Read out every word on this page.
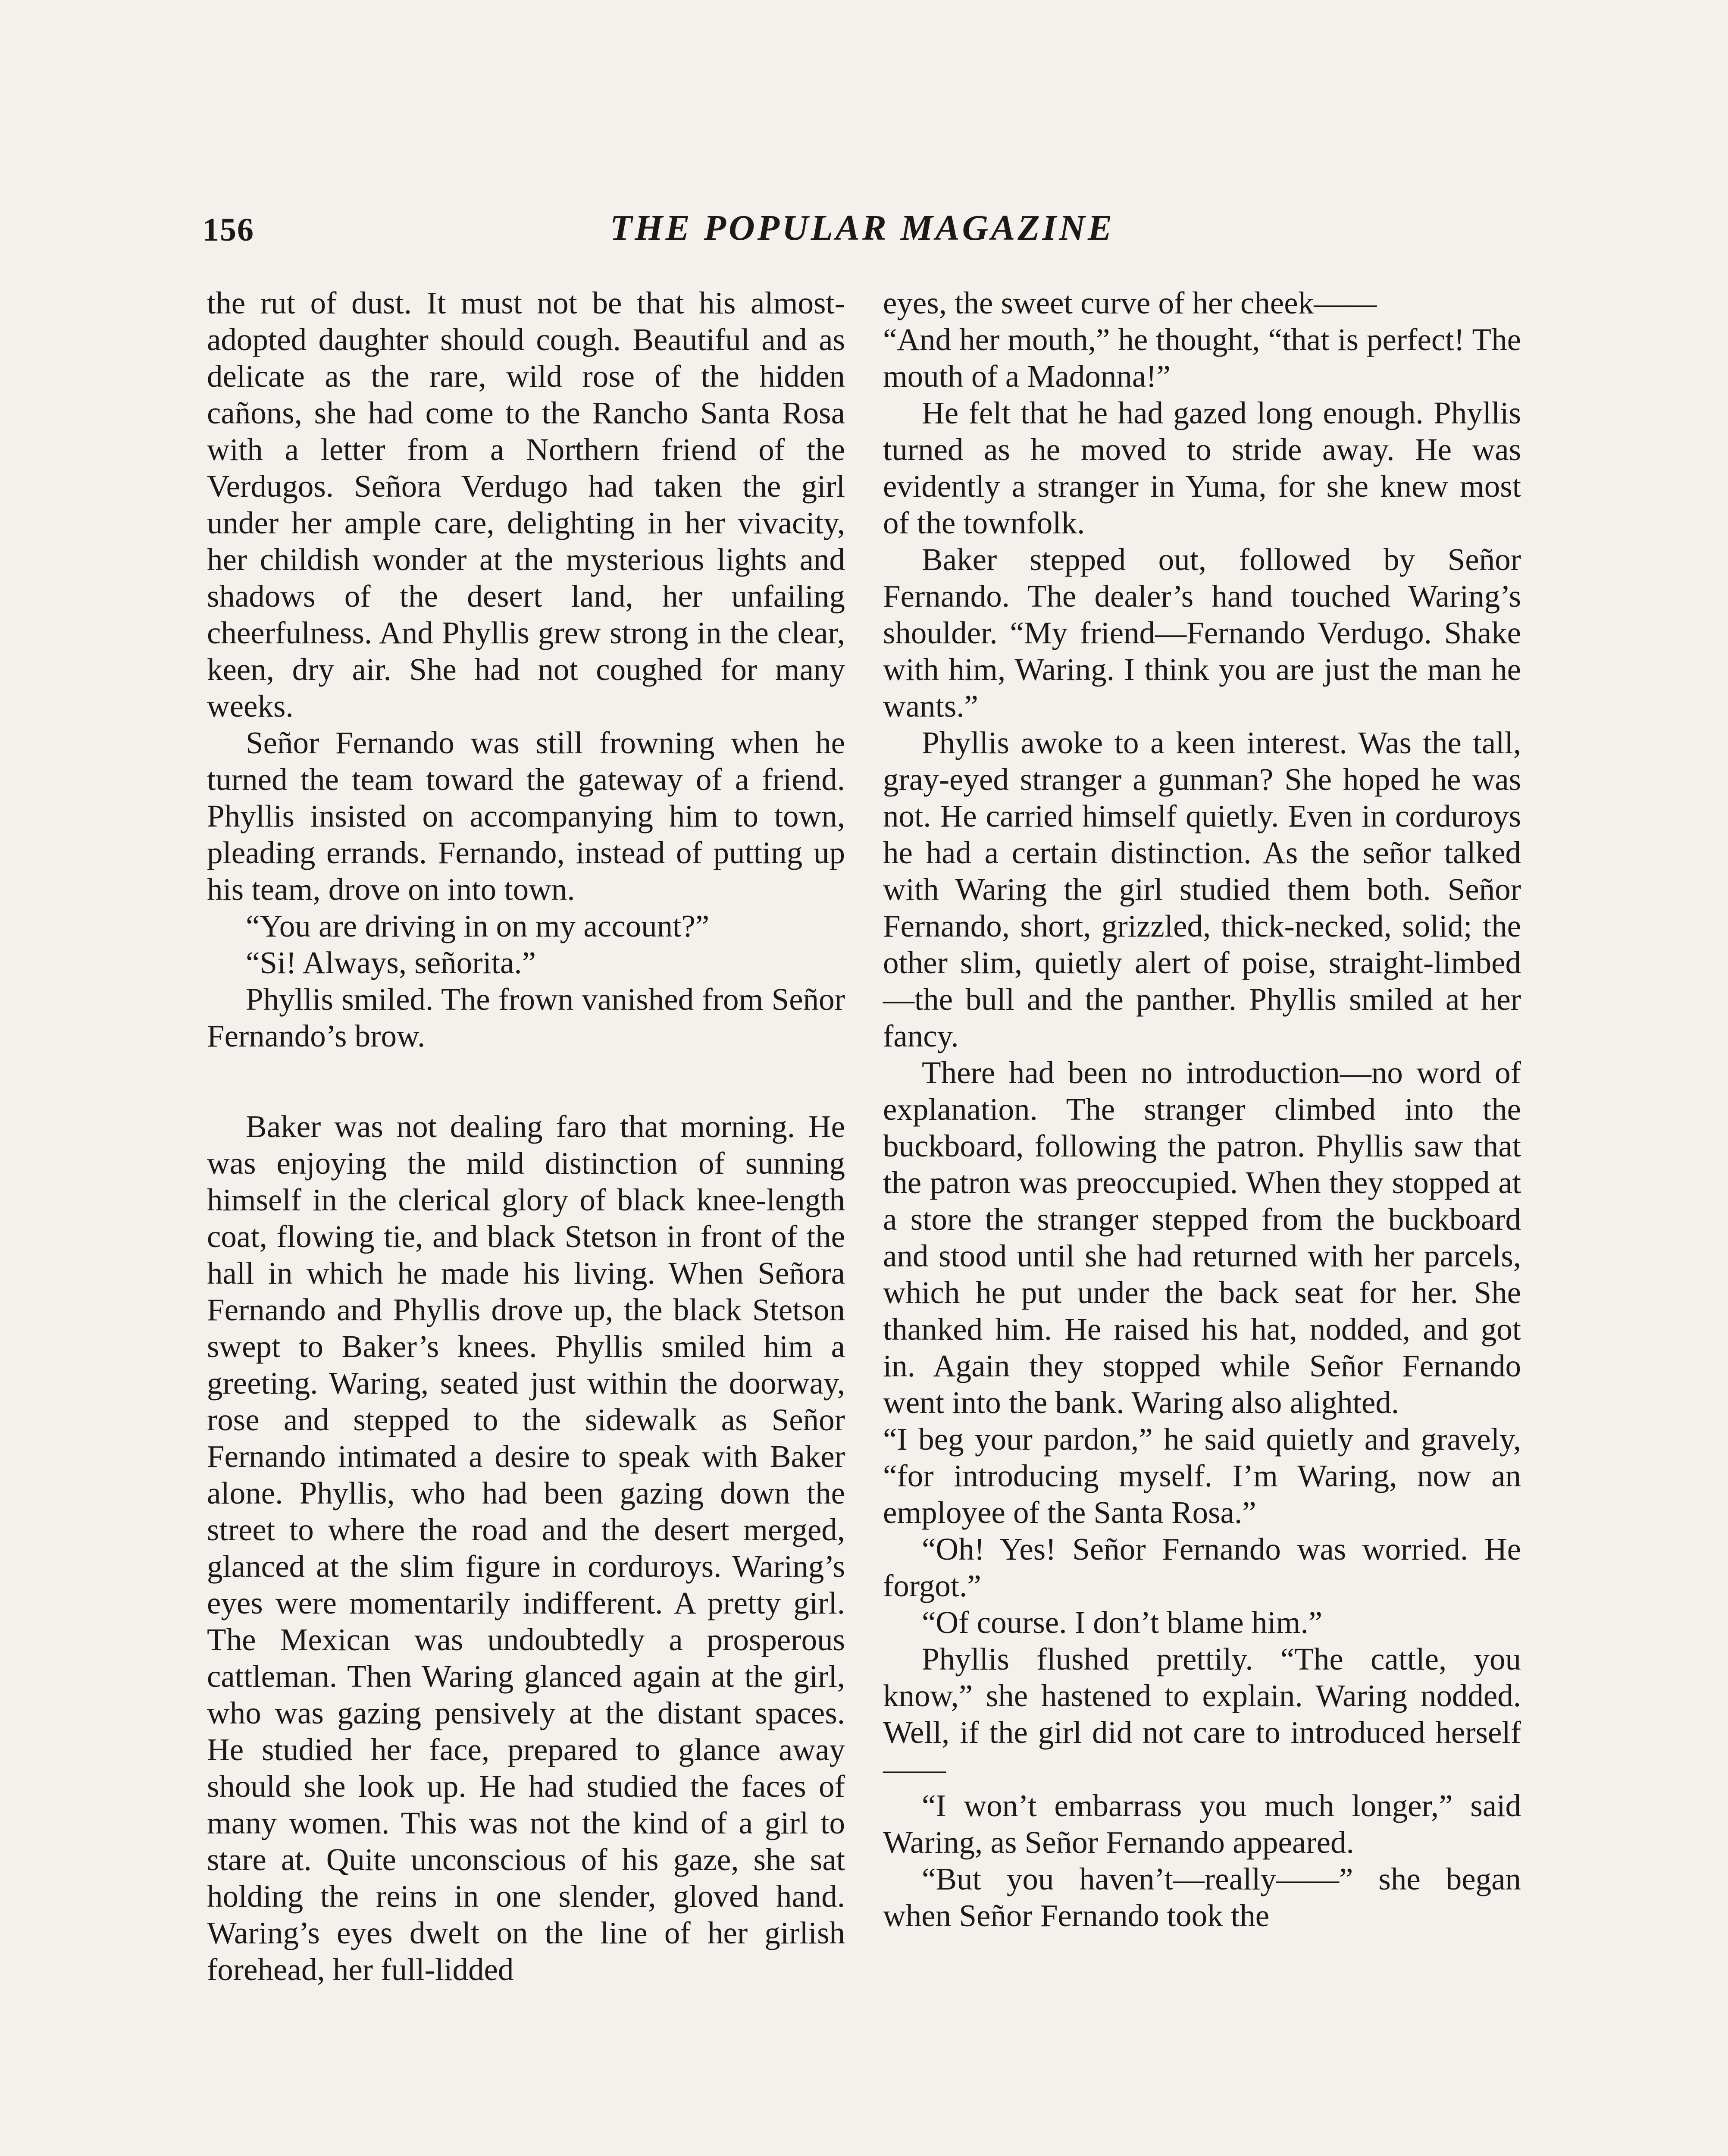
156	THE POPULAR MAGAZINE

the rut of dust. It must not be that his almost-adopted daughter should cough. Beautiful and as delicate as the rare, wild rose of the hidden cañons, she had come to the Rancho Santa Rosa with a letter from a Northern friend of the Verdugos. Señora Verdugo had taken the girl under her ample care, delighting in her vivacity, her childish wonder at the mysterious lights and shadows of the desert land, her unfailing cheerfulness. And Phyllis grew strong in the clear, keen, dry air. She had not coughed for many weeks.

Señor Fernando was still frowning when he turned the team toward the gateway of a friend. Phyllis insisted on accompanying him to town, pleading errands. Fernando, instead of putting up his team, drove on into town.

“You are driving in on my account?”

“Si! Always, señorita.”

Phyllis smiled. The frown vanished from Señor Fernando’s brow.

Baker was not dealing faro that morning. He was enjoying the mild distinction of sunning himself in the clerical glory of black knee-length coat, flowing tie, and black Stetson in front of the hall in which he made his living. When Señora Fernando and Phyllis drove up, the black Stetson swept to Baker’s knees. Phyllis smiled him a greeting. Waring, seated just within the doorway, rose and stepped to the sidewalk as Señor Fernando intimated a desire to speak with Baker alone. Phyllis, who had been gazing down the street to where the road and the desert merged, glanced at the slim figure in corduroys. Waring’s eyes were momentarily indifferent. A pretty girl. The Mexican was undoubtedly a prosperous cattleman. Then Waring glanced again at the girl, who was gazing pensively at the distant spaces. He studied her face, prepared to glance away should she look up. He had studied the faces of many women. This was not the kind of a girl to stare at. Quite unconscious of his gaze, she sat holding the reins in one slender, gloved hand. Waring’s eyes dwelt on the line of her girlish forehead, her full-lidded

eyes, the sweet curve of her cheek——

“And her mouth,” he thought, “that is perfect! The mouth of a Madonna!”

He felt that he had gazed long enough. Phyllis turned as he moved to stride away. He was evidently a stranger in Yuma, for she knew most of the townfolk.

Baker stepped out, followed by Señor Fernando. The dealer’s hand touched Waring’s shoulder. “My friend—Fernando Verdugo. Shake with him, Waring. I think you are just the man he wants.”

Phyllis awoke to a keen interest. Was the tall, gray-eyed stranger a gunman? She hoped he was not. He carried himself quietly. Even in corduroys he had a certain distinction. As the señor talked with Waring the girl studied them both. Señor Fernando, short, grizzled, thick-necked, solid; the other slim, quietly alert of poise, straight-limbed—the bull and the panther. Phyllis smiled at her fancy.

There had been no introduction—no word of explanation. The stranger climbed into the buckboard, following the patron. Phyllis saw that the patron was preoccupied. When they stopped at a store the stranger stepped from the buckboard and stood until she had returned with her parcels, which he put under the back seat for her. She thanked him. He raised his hat, nodded, and got in. Again they stopped while Señor Fernando went into the bank. Waring also alighted.

“I beg your pardon,” he said quietly and gravely, “for introducing myself. I’m Waring, now an employee of the Santa Rosa.”

“Oh! Yes! Señor Fernando was worried. He forgot.”

“Of course. I don’t blame him.”

Phyllis flushed prettily. “The cattle, you know,” she hastened to explain. Waring nodded. Well, if the girl did not care to introduced herself——

“I won’t embarrass you much longer,” said Waring, as Señor Fernando appeared.

“But you haven’t—really——” she began when Señor Fernando took the
